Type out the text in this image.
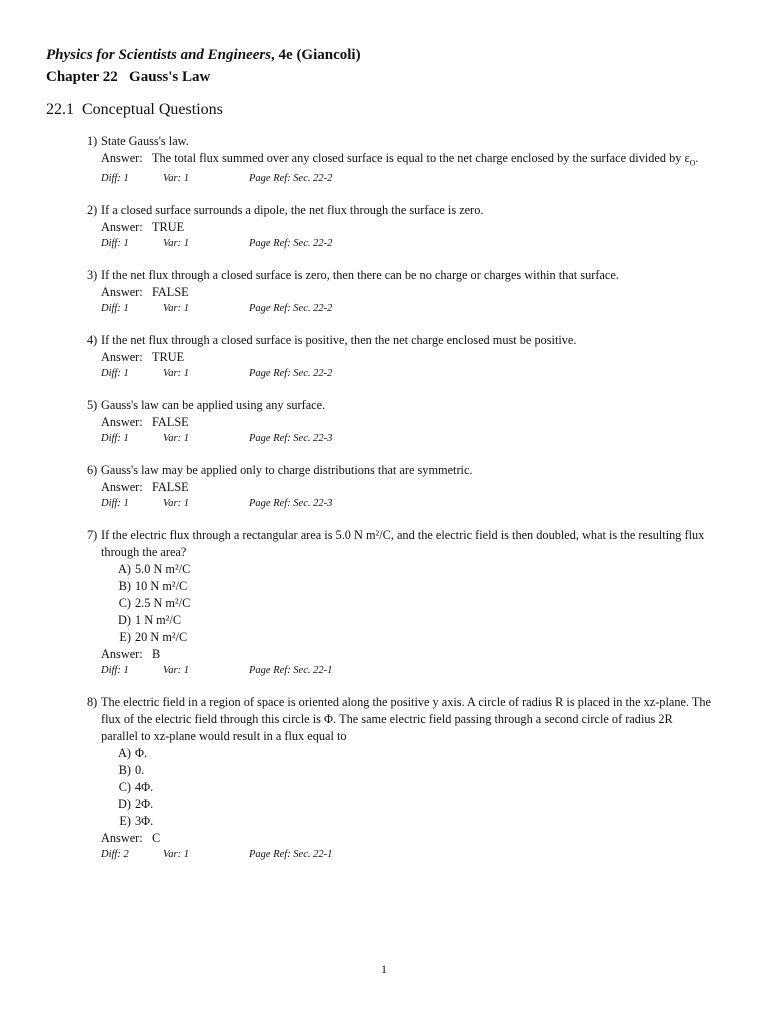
Physics for Scientists and Engineers, 4e (Giancoli)
Chapter 22   Gauss's Law
22.1  Conceptual Questions
1) State Gauss's law.
Answer: The total flux summed over any closed surface is equal to the net charge enclosed by the surface divided by $\varepsilon_O$.
Diff: 1	Var: 1	Page Ref: Sec. 22-2
2) If a closed surface surrounds a dipole, the net flux through the surface is zero.
Answer: TRUE
Diff: 1	Var: 1	Page Ref: Sec. 22-2
3) If the net flux through a closed surface is zero, then there can be no charge or charges within that surface.
Answer: FALSE
Diff: 1	Var: 1	Page Ref: Sec. 22-2
4) If the net flux through a closed surface is positive, then the net charge enclosed must be positive.
Answer: TRUE
Diff: 1	Var: 1	Page Ref: Sec. 22-2
5) Gauss's law can be applied using any surface.
Answer: FALSE
Diff: 1	Var: 1	Page Ref: Sec. 22-3
6) Gauss's law may be applied only to charge distributions that are symmetric.
Answer: FALSE
Diff: 1	Var: 1	Page Ref: Sec. 22-3
7) If the electric flux through a rectangular area is 5.0 N m²/C, and the electric field is then doubled, what is the resulting flux through the area?
A) 5.0 N m²/C
B) 10 N m²/C
C) 2.5 N m²/C
D) 1 N m²/C
E) 20 N m²/C
Answer: B
Diff: 1	Var: 1	Page Ref: Sec. 22-1
8) The electric field in a region of space is oriented along the positive y axis. A circle of radius R is placed in the xz-plane. The flux of the electric field through this circle is Φ. The same electric field passing through a second circle of radius 2R parallel to xz-plane would result in a flux equal to
A) Φ.
B) 0.
C) 4Φ.
D) 2Φ.
E) 3Φ.
Answer: C
Diff: 2	Var: 1	Page Ref: Sec. 22-1
1
